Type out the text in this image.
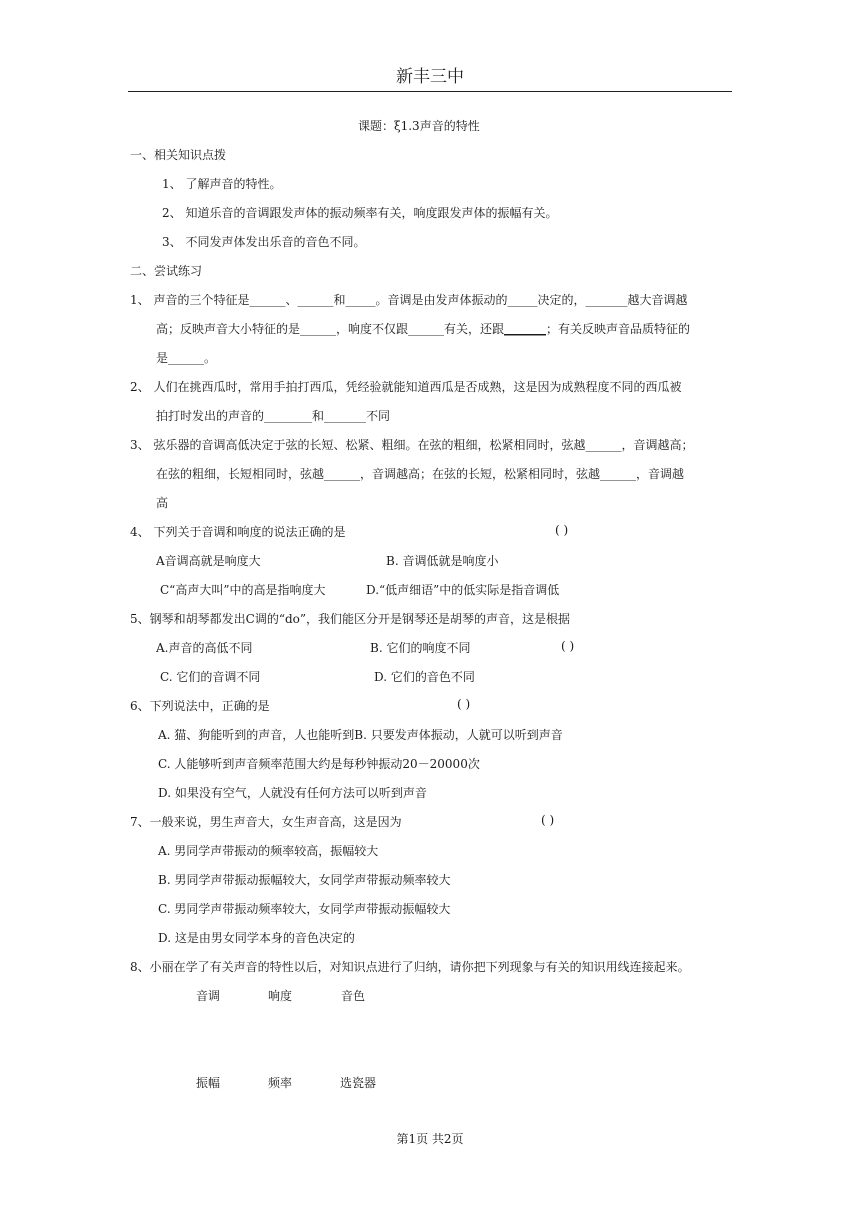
新丰三中
课题：ξ1.3声音的特性
一、相关知识点拨
1、 了解声音的特性。
2、 知道乐音的音调跟发声体的振动频率有关，响度跟发声体的振幅有关。
3、 不同发声体发出乐音的音色不同。
二、尝试练习
1、 声音的三个特征是______、______和_____。音调是由发声体振动的_____决定的，_______越大音调越
高；反映声音大小特征的是______，响度不仅跟______有关，还跟_______；有关反映声音品质特征的
是______。
2、 人们在挑西瓜时，常用手拍打西瓜，凭经验就能知道西瓜是否成熟，这是因为成熟程度不同的西瓜被
拍打时发出的声音的________和_______不同
3、 弦乐器的音调高低决定于弦的长短、松紧、粗细。在弦的粗细，松紧相同时，弦越______，音调越高；
在弦的粗细，长短相同时，弦越______，音调越高；在弦的长短，松紧相同时，弦越______，音调越
高
4、 下列关于音调和响度的说法正确的是	( )
A音调高就是响度大	B. 音调低就是响度小
C“高声大叫”中的高是指响度大	D.“低声细语”中的低实际是指音调低
5、钢琴和胡琴都发出C调的“do”，我们能区分开是钢琴还是胡琴的声音，这是根据
A.声音的高低不同	B. 它们的响度不同	( )
C. 它们的音调不同	D. 它们的音色不同
6、下列说法中，正确的是	( )
A. 猫、狗能听到的声音，人也能听到B. 只要发声体振动，人就可以听到声音
C. 人能够听到声音频率范围大约是每秒钟振动20－20000次
D. 如果没有空气，人就没有任何方法可以听到声音
7、一般来说，男生声音大，女生声音高，这是因为	( )
A. 男同学声带振动的频率较高，振幅较大
B. 男同学声带振动振幅较大，女同学声带振动频率较大
C. 男同学声带振动频率较大，女同学声带振动振幅较大
D. 这是由男女同学本身的音色决定的
8、小丽在学了有关声音的特性以后，对知识点进行了归纳，请你把下列现象与有关的知识用线连接起来。
音调	响度	音色
振幅	频率	选瓷器
第1页 共2页
